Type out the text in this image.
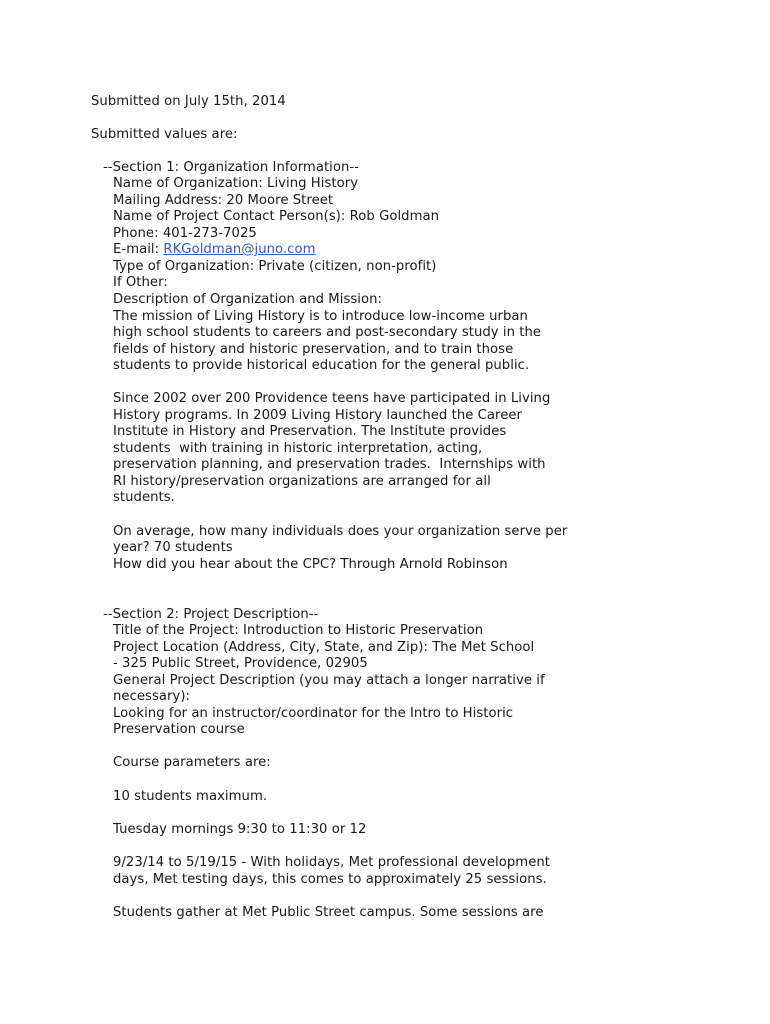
Submitted on July 15th, 2014
Submitted values are:
--Section 1: Organization Information--
Name of Organization: Living History
Mailing Address: 20 Moore Street
Name of Project Contact Person(s): Rob Goldman
Phone: 401-273-7025
E-mail: RKGoldman@juno.com
Type of Organization: Private (citizen, non-profit)
If Other:
Description of Organization and Mission:
The mission of Living History is to introduce low-income urban
high school students to careers and post-secondary study in the
fields of history and historic preservation, and to train those
students to provide historical education for the general public.
Since 2002 over 200 Providence teens have participated in Living
History programs. In 2009 Living History launched the Career
Institute in History and Preservation. The Institute provides
students  with training in historic interpretation, acting,
preservation planning, and preservation trades.  Internships with
RI history/preservation organizations are arranged for all
students.
On average, how many individuals does your organization serve per
year? 70 students
How did you hear about the CPC? Through Arnold Robinson
--Section 2: Project Description--
Title of the Project: Introduction to Historic Preservation
Project Location (Address, City, State, and Zip): The Met School
- 325 Public Street, Providence, 02905
General Project Description (you may attach a longer narrative if
necessary):
Looking for an instructor/coordinator for the Intro to Historic
Preservation course
Course parameters are:
10 students maximum.
Tuesday mornings 9:30 to 11:30 or 12
9/23/14 to 5/19/15 - With holidays, Met professional development
days, Met testing days, this comes to approximately 25 sessions.
Students gather at Met Public Street campus. Some sessions are
